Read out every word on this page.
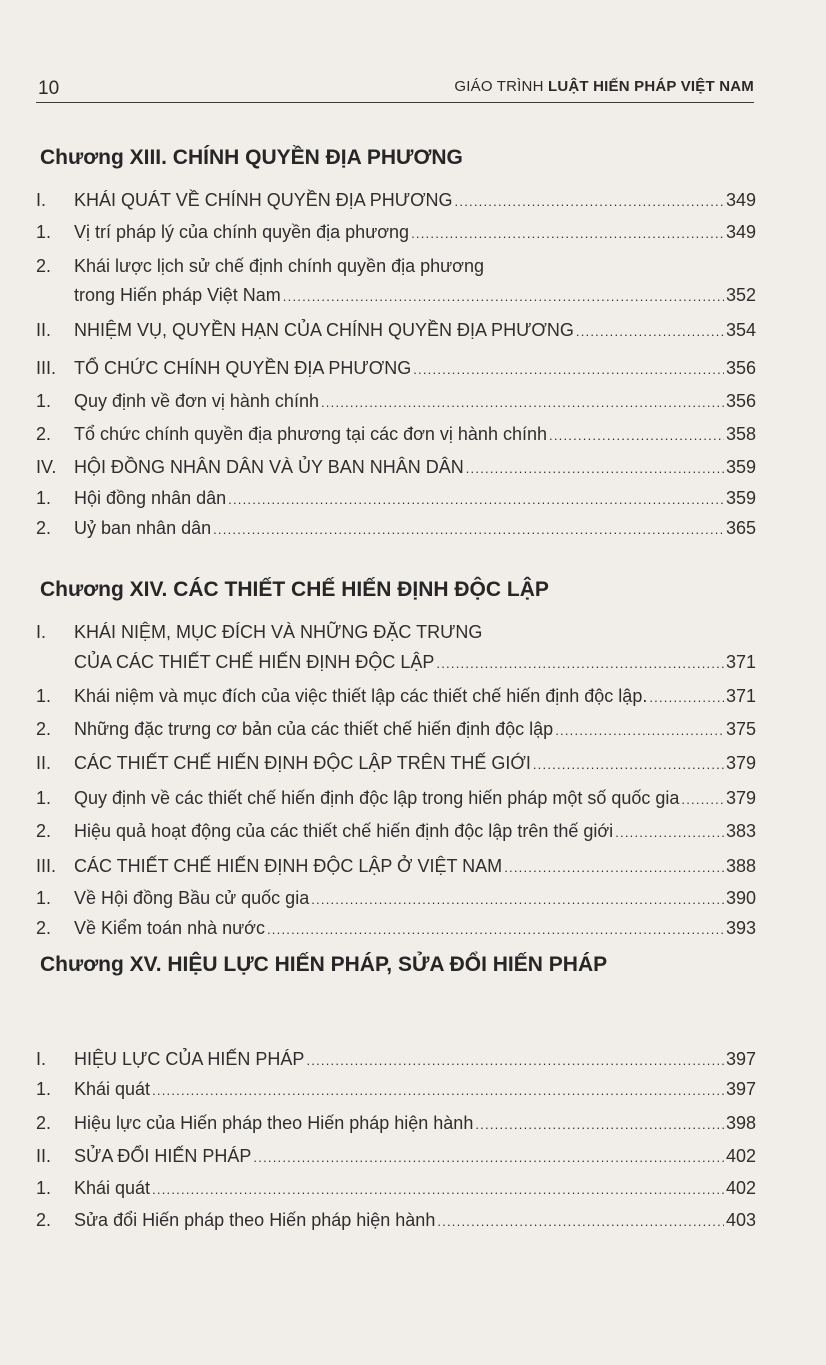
10	GIÁO TRÌNH LUẬT HIẾN PHÁP VIỆT NAM
Chương XIII. CHÍNH QUYỀN ĐỊA PHƯƠNG
I.	KHÁI QUÁT VỀ CHÍNH QUYỀN ĐỊA PHƯƠNG . . .	349
1.	Vị trí pháp lý của chính quyền địa phương . . .	349
2.	Khái lược lịch sử chế định chính quyền địa phương
trong Hiến pháp Việt Nam . . .	352
II.	NHIỆM VỤ, QUYỀN HẠN CỦA CHÍNH QUYỀN ĐỊA PHƯƠNG . . .	354
III. TỔ CHỨC CHÍNH QUYỀN ĐỊA PHƯƠNG . . .	356
1.	Quy định về đơn vị hành chính . . .	356
2.	Tổ chức chính quyền địa phương tại các đơn vị hành chính . . .	358
IV. HỘI ĐỒNG NHÂN DÂN VÀ ỦY BAN NHÂN DÂN . . .	359
1.	Hội đồng nhân dân . . .	359
2.	Uỷ ban nhân dân . . .	365
Chương XIV. CÁC THIẾT CHẾ HIẾN ĐỊNH ĐỘC LẬP
I.	KHÁI NIỆM, MỤC ĐÍCH VÀ NHỮNG ĐẶC TRƯNG
CỦA CÁC THIẾT CHẾ HIẾN ĐỊNH ĐỘC LẬP . . .	371
1.	Khái niệm và mục đích của việc thiết lập các thiết chế hiến định độc lập. . . .	371
2.	Những đặc trưng cơ bản của các thiết chế hiến định độc lập . . .	375
II.	CÁC THIẾT CHẾ HIẾN ĐỊNH ĐỘC LẬP TRÊN THẾ GIỚI . . .	379
1.	Quy định về các thiết chế hiến định độc lập trong hiến pháp một số quốc gia . . .	379
2.	Hiệu quả hoạt động của các thiết chế hiến định độc lập trên thế giới . . .	383
III. CÁC THIẾT CHẾ HIẾN ĐỊNH ĐỘC LẬP Ở VIỆT NAM . . .	388
1.	Về Hội đồng Bầu cử quốc gia . . .	390
2.	Về Kiểm toán nhà nước . . .	393
Chương XV. HIỆU LỰC HIẾN PHÁP, SỬA ĐỔI HIẾN PHÁP
I.	HIỆU LỰC CỦA HIẾN PHÁP . . .	397
1.	Khái quát . . .	397
2.	Hiệu lực của Hiến pháp theo Hiến pháp hiện hành . . .	398
II.	SỬA ĐỔI HIẾN PHÁP . . .	402
1.	Khái quát . . .	402
2.	Sửa đổi Hiến pháp theo Hiến pháp hiện hành . . .	403
